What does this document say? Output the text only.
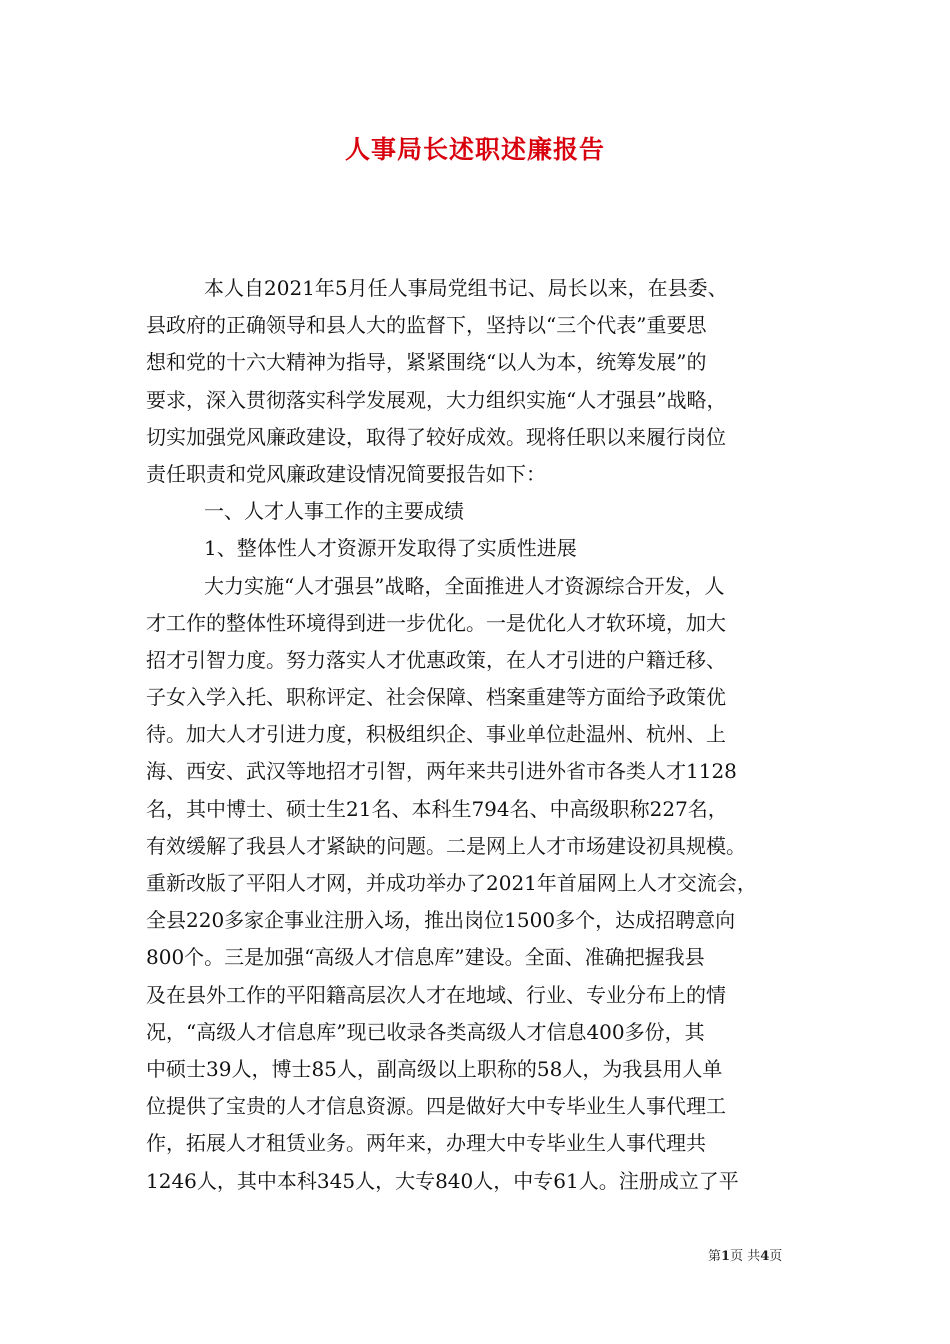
人事局长述职述廉报告
本人自2021年5月任人事局党组书记、局长以来，在县委、
县政府的正确领导和县人大的监督下，坚持以“三个代表”重要思
想和党的十六大精神为指导，紧紧围绕“以人为本，统筹发展”的
要求，深入贯彻落实科学发展观，大力组织实施“人才强县”战略，
切实加强党风廉政建设，取得了较好成效。现将任职以来履行岗位
责任职责和党风廉政建设情况简要报告如下：
一、人才人事工作的主要成绩
1、整体性人才资源开发取得了实质性进展
大力实施“人才强县”战略，全面推进人才资源综合开发，人
才工作的整体性环境得到进一步优化。一是优化人才软环境，加大
招才引智力度。努力落实人才优惠政策，在人才引进的户籍迁移、
子女入学入托、职称评定、社会保障、档案重建等方面给予政策优
待。加大人才引进力度，积极组织企、事业单位赴温州、杭州、上
海、西安、武汉等地招才引智，两年来共引进外省市各类人才1128
名，其中博士、硕士生21名、本科生794名、中高级职称227名，
有效缓解了我县人才紧缺的问题。二是网上人才市场建设初具规模。
重新改版了平阳人才网，并成功举办了2021年首届网上人才交流会，
全县220多家企事业注册入场，推出岗位1500多个，达成招聘意向
800个。三是加强“高级人才信息库”建设。全面、准确把握我县
及在县外工作的平阳籍高层次人才在地域、行业、专业分布上的情
况，“高级人才信息库”现已收录各类高级人才信息400多份，其
中硕士39人，博士85人，副高级以上职称的58人，为我县用人单
位提供了宝贵的人才信息资源。四是做好大中专毕业生人事代理工
作，拓展人才租赁业务。两年来，办理大中专毕业生人事代理共
1246人，其中本科345人，大专840人，中专61人。注册成立了平
第1页 共4页
